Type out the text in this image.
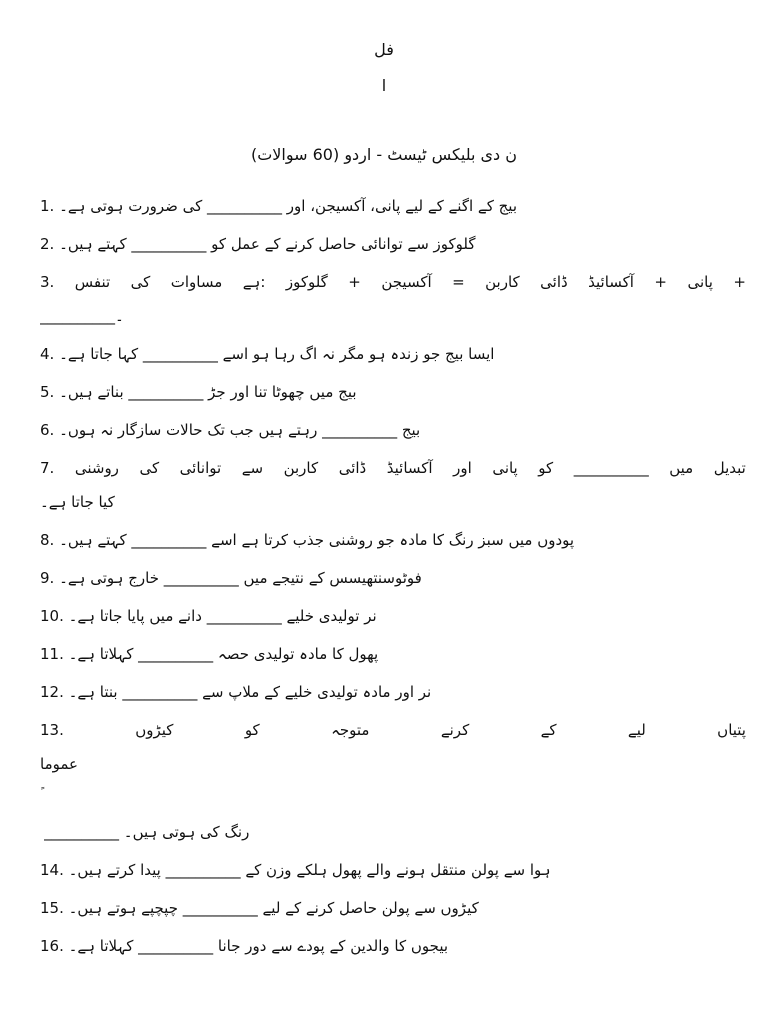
فل
ا
ن دی بلیکس ٹیسٹ - اردو (60 سوالات)
1. بیج کے اگنے کے لیے پانی، آکسیجن، اور __________ کی ضرورت ہوتی ہے۔
2. گلوکوز سے توانائی حاصل کرنے کے عمل کو __________ کہتے ہیں۔
3. تنفس کی مساوات ہے: گلوکوز + آکسیجن = کاربن ڈائی آکسائیڈ + پانی +
__________۔
4. ایسا بیج جو زندہ ہو مگر نہ اگ رہا ہو اسے __________ کہا جاتا ہے۔
5. بیج میں چھوٹا تنا اور جڑ __________ بناتے ہیں۔
6. بیج __________ رہتے ہیں جب تک حالات سازگار نہ ہوں۔
7. روشنی کی توانائی سے کاربن ڈائی آکسائیڈ اور پانی کو __________ میں تبدیل
کیا جاتا ہے۔
8. پودوں میں سبز رنگ کا مادہ جو روشنی جذب کرتا ہے اسے __________ کہتے ہیں۔
9. فوٹوسنتھیسس کے نتیجے میں __________ خارج ہوتی ہے۔
10. نر تولیدی خلیے __________ دانے میں پایا جاتا ہے۔
11. پھول کا مادہ تولیدی حصہ __________ کہلاتا ہے۔
12. نر اور مادہ تولیدی خلیے کے ملاپ سے __________ بنتا ہے۔
13.	کیڑوں	کو	متوجہ	کرنے	کے	لیے	پتیاں
عموما
__________ رنگ کی ہوتی ہیں۔
14. ہوا سے پولن منتقل ہونے والے پھول ہلکے وزن کے __________ پیدا کرتے ہیں۔
15. کیڑوں سے پولن حاصل کرنے کے لیے __________ چپچپے ہوتے ہیں۔
16. بیجوں کا والدین کے پودے سے دور جانا __________ کہلاتا ہے۔
